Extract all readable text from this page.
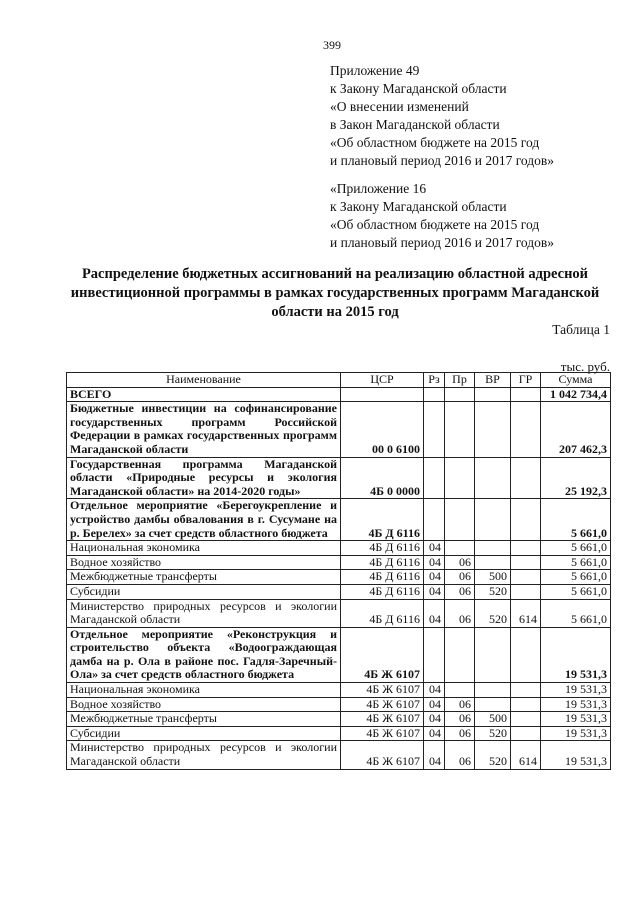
399
Приложение 49
к Закону Магаданской области
«О внесении изменений
в Закон Магаданской области
«Об областном бюджете на 2015 год
и плановый период 2016 и 2017 годов»
«Приложение 16
к Закону Магаданской области
«Об областном бюджете на 2015 год
и плановый период 2016 и 2017 годов»
Распределение бюджетных ассигнований на реализацию областной адресной инвестиционной программы в рамках государственных программ Магаданской области на 2015 год
Таблица 1
тыс. руб.
Наименование	ЦСР	Рз	Пр	ВР	ГР	Сумма
ВСЕГО						1 042 734,4
Бюджетные инвестиции на софинансирование государственных программ Российской Федерации в рамках государственных программ Магаданской области	00 0 6100					207 462,3
Государственная программа Магаданской области «Природные ресурсы и экология Магаданской области» на 2014-2020 годы»	4Б 0 0000					25 192,3
Отдельное мероприятие «Берегоукрепление и устройство дамбы обвалования в г. Сусумане на р. Берелех» за счет средств областного бюджета	4Б Д 6116					5 661,0
Национальная экономика	4Б Д 6116	04				5 661,0
Водное хозяйство	4Б Д 6116	04	06			5 661,0
Межбюджетные трансферты	4Б Д 6116	04	06	500		5 661,0
Субсидии	4Б Д 6116	04	06	520		5 661,0
Министерство природных ресурсов и экологии Магаданской области	4Б Д 6116	04	06	520	614	5 661,0
Отдельное мероприятие «Реконструкция и строительство объекта «Водоограждающая дамба на р. Ола в районе пос. Гадля-Заречный-Ола» за счет средств областного бюджета	4Б Ж 6107					19 531,3
Национальная экономика	4Б Ж 6107	04				19 531,3
Водное хозяйство	4Б Ж 6107	04	06			19 531,3
Межбюджетные трансферты	4Б Ж 6107	04	06	500		19 531,3
Субсидии	4Б Ж 6107	04	06	520		19 531,3
Министерство природных ресурсов и экологии Магаданской области	4Б Ж 6107	04	06	520	614	19 531,3
